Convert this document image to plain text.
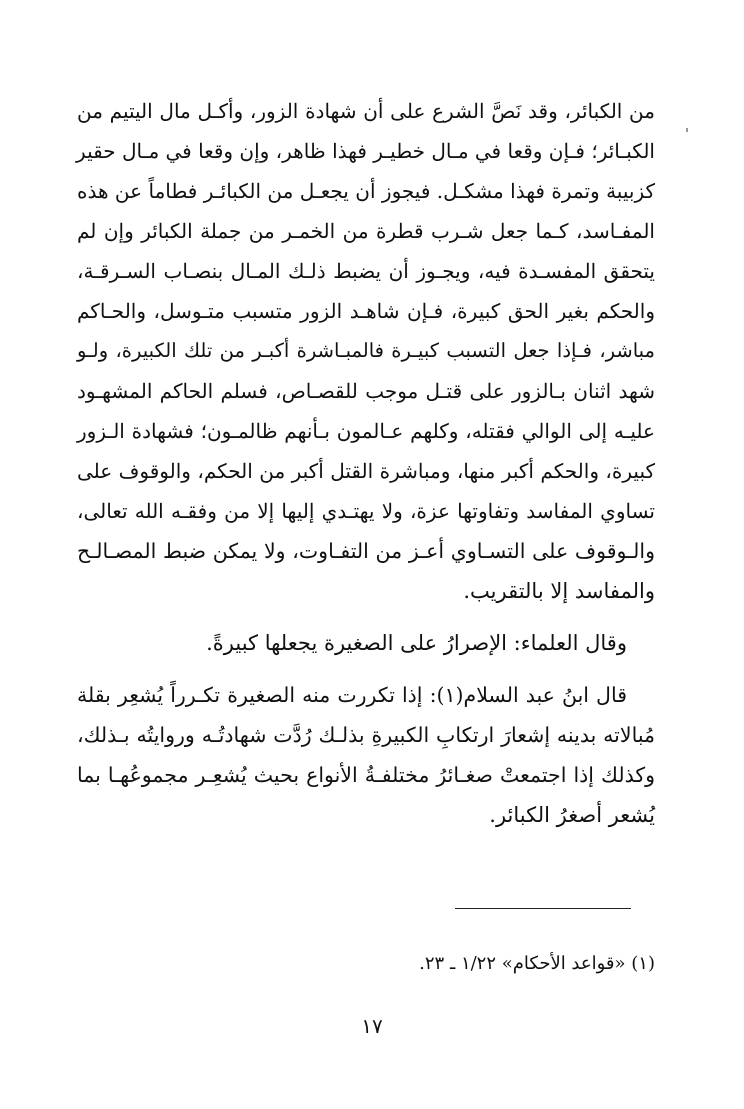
من الكبائر، وقد نَصَّ الشرع على أن شهادة الزور، وأكـل مال اليتيم من
الكبـائر؛ فـإن وقعا في مـال خطيـر فهذا ظاهر، وإن وقعا في مـال حقير
كزبيبة وتمرة فهذا مشكـل. فيجوز أن يجعـل من الكبائـر فطاماً عن هذه
المفـاسد، كـما جعل شـرب قطرة من الخمـر من جملة الكبائر وإن لم
يتحقق المفسـدة فيه، ويجـوز أن يضبط ذلـك المـال بنصـاب السـرقـة،
والحكم بغير الحق كبيرة، فـإن شاهـد الزور متسبب متـوسل، والحـاكم
مباشر، فـإذا جعل التسبب كبيـرة فالمبـاشرة أكبـر من تلك الكبيرة، ولـو
شهد اثنان بـالزور على قتـل موجب للقصـاص، فسلم الحاكم المشهـود
عليـه إلى الوالي فقتله، وكلهم عـالمون بـأنهم ظالمـون؛ فشهادة الـزور
كبيرة، والحكم أكبر منها، ومباشرة القتل أكبر من الحكم، والوقوف على
تساوي المفاسد وتفاوتها عزة، ولا يهتـدي إليها إلا من وفقـه الله تعالى،
والـوقوف على التسـاوي أعـز من التفـاوت، ولا يمكن ضبط المصـالـح
والمفاسد إلا بالتقريب.
وقال العلماء: الإصرارُ على الصغيرة يجعلها كبيرةً.
قال ابنُ عبد السلام(١): إذا تكررت منه الصغيرة تكـرراً يُشعِر بقلة
مُبالاته بدينه إشعارَ ارتكابِ الكبيرةِ بذلـك رُدَّت شهادتُـه وروايتُه بـذلك،
وكذلك إذا اجتمعتْ صغـائرُ مختلفـةُ الأنواع بحيث يُشعِـر مجموعُهـا بما
يُشعر أصغرُ الكبائر.
(١) «قواعد الأحكام» ١/٢٢ ـ ٢٣.
١٧
